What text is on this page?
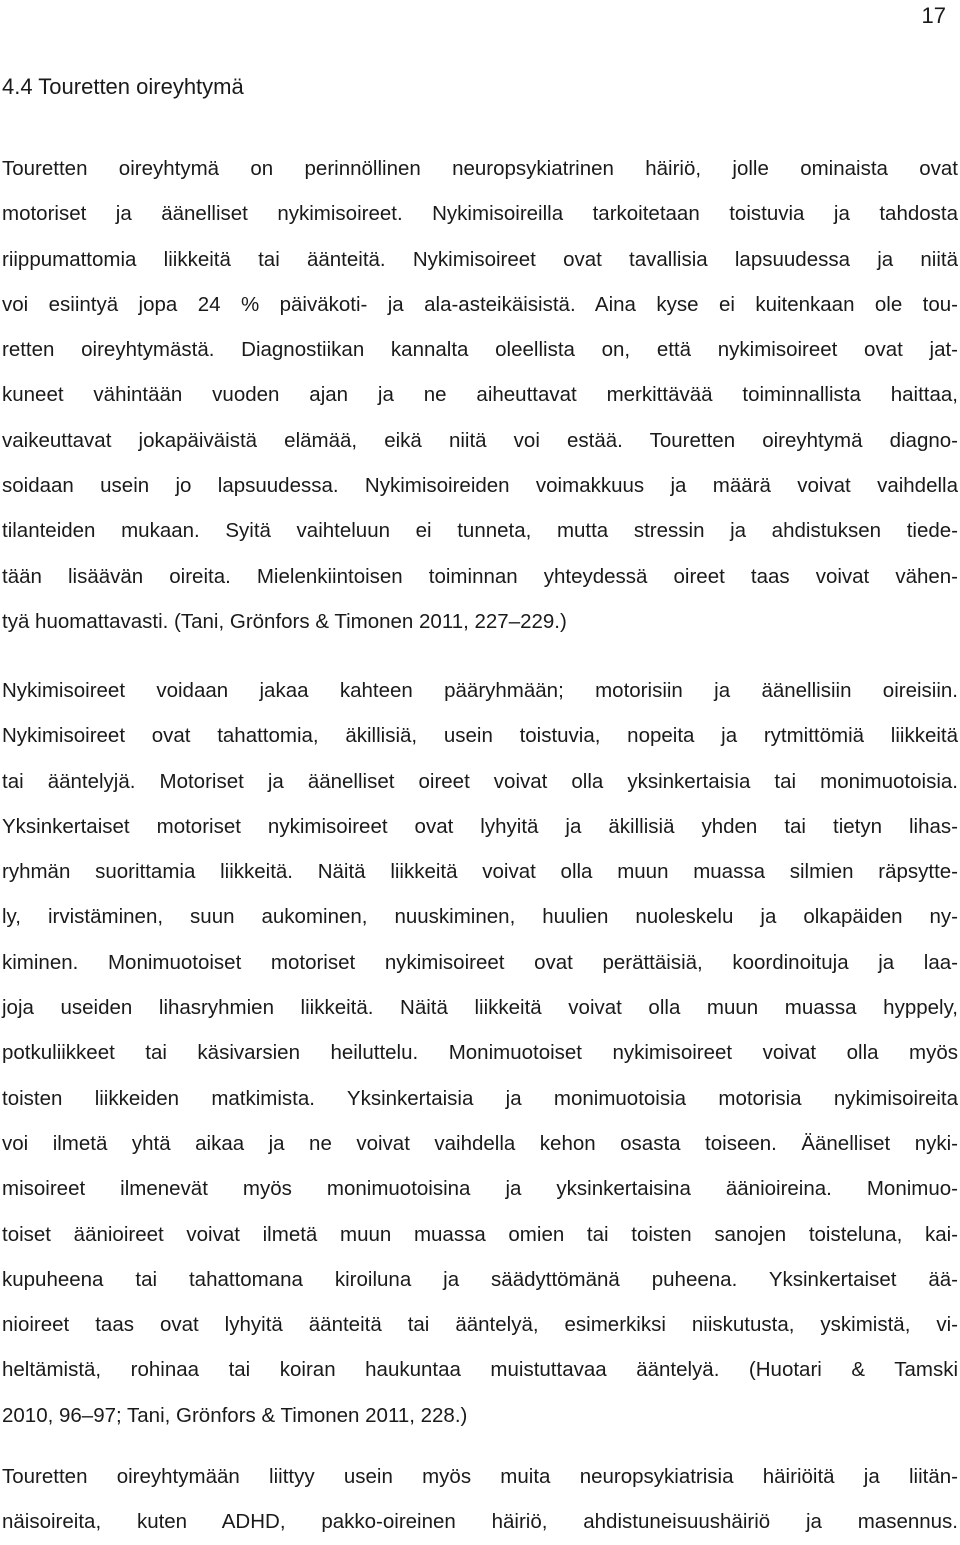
17
4.4 Touretten oireyhtymä
Touretten oireyhtymä on perinnöllinen neuropsykiatrinen häiriö, jolle ominaista ovat
motoriset ja äänelliset nykimisoireet. Nykimisoireilla tarkoitetaan toistuvia ja tahdosta
riippumattomia liikkeitä tai äänteitä. Nykimisoireet ovat tavallisia lapsuudessa ja niitä
voi esiintyä jopa 24 % päiväkoti- ja ala-asteikäisistä. Aina kyse ei kuitenkaan ole tou-
retten oireyhtymästä. Diagnostiikan kannalta oleellista on, että nykimisoireet ovat jat-
kuneet vähintään vuoden ajan ja ne aiheuttavat merkittävää toiminnallista haittaa,
vaikeuttavat jokapäiväistä elämää, eikä niitä voi estää. Touretten oireyhtymä diagno-
soidaan usein jo lapsuudessa. Nykimisoireiden voimakkuus ja määrä voivat vaihdella
tilanteiden mukaan. Syitä vaihteluun ei tunneta, mutta stressin ja ahdistuksen tiede-
tään lisäävän oireita. Mielenkiintoisen toiminnan yhteydessä oireet taas voivat vähen-
tyä huomattavasti. (Tani, Grönfors & Timonen 2011, 227–229.)
Nykimisoireet voidaan jakaa kahteen pääryhmään; motorisiin ja äänellisiin oireisiin.
Nykimisoireet ovat tahattomia, äkillisiä, usein toistuvia, nopeita ja rytmittömiä liikkeitä
tai ääntelyjä. Motoriset ja äänelliset oireet voivat olla yksinkertaisia tai monimuotoisia.
Yksinkertaiset motoriset nykimisoireet ovat lyhyitä ja äkillisiä yhden tai tietyn lihas-
ryhmän suorittamia liikkeitä. Näitä liikkeitä voivat olla muun muassa silmien räpsytte-
ly, irvistäminen, suun aukominen, nuuskiminen, huulien nuoleskelu ja olkapäiden ny-
kiminen. Monimuotoiset motoriset nykimisoireet ovat perättäisiä, koordinoituja ja laa-
joja useiden lihasryhmien liikkeitä. Näitä liikkeitä voivat olla muun muassa hyppely,
potkuliikkeet tai käsivarsien heiluttelu. Monimuotoiset nykimisoireet voivat olla myös
toisten liikkeiden matkimista. Yksinkertaisia ja monimuotoisia motorisia nykimisoireita
voi ilmetä yhtä aikaa ja ne voivat vaihdella kehon osasta toiseen. Äänelliset nyki-
misoireet ilmenevät myös monimuotoisina ja yksinkertaisina äänioireina. Monimuo-
toiset äänioireet voivat ilmetä muun muassa omien tai toisten sanojen toisteluna, kai-
kupuheena tai tahattomana kiroiluna ja säädyttömänä puheena. Yksinkertaiset ää-
nioireet taas ovat lyhyitä äänteitä tai ääntelyä, esimerkiksi niiskutusta, yskimistä, vi-
heltämistä, rohinaa tai koiran haukuntaa muistuttavaa ääntelyä. (Huotari & Tamski
2010, 96–97; Tani, Grönfors & Timonen 2011, 228.)
Touretten oireyhtymään liittyy usein myös muita neuropsykiatrisia häiriöitä ja liitän-
näisoireita, kuten ADHD, pakko-oireinen häiriö, ahdistuneisuushäiriö ja masennus.
